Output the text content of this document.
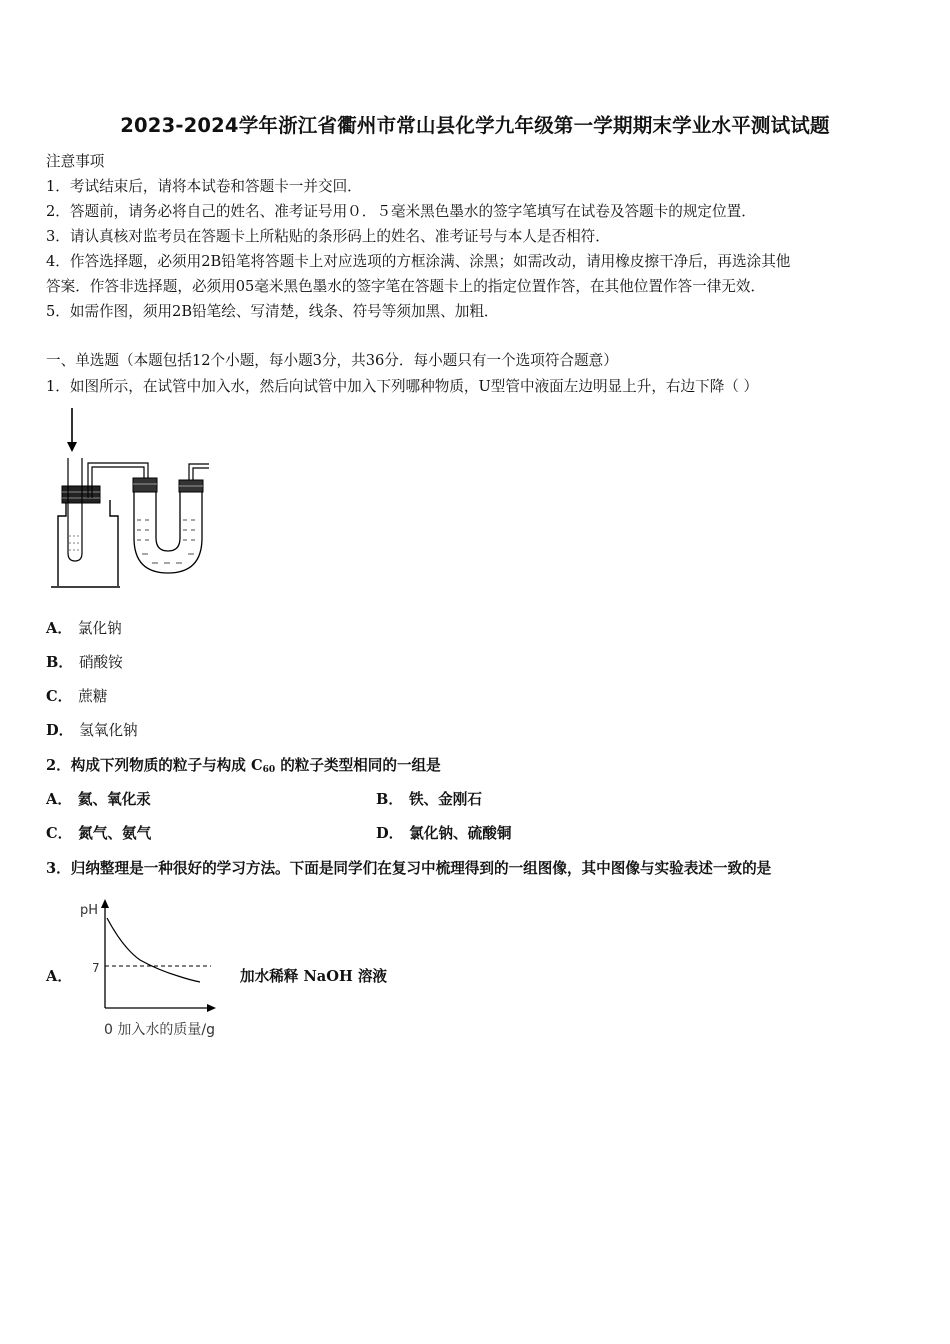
2023-2024学年浙江省衢州市常山县化学九年级第一学期期末学业水平测试试题
注意事项
1．考试结束后，请将本试卷和答题卡一并交回．
2．答题前，请务必将自己的姓名、准考证号用０．５毫米黑色墨水的签字笔填写在试卷及答题卡的规定位置．
3．请认真核对监考员在答题卡上所粘贴的条形码上的姓名、准考证号与本人是否相符．
4．作答选择题，必须用2B铅笔将答题卡上对应选项的方框涂满、涂黑；如需改动，请用橡皮擦干净后，再选涂其他
答案．作答非选择题，必须用05毫米黑色墨水的签字笔在答题卡上的指定位置作答，在其他位置作答一律无效．
5．如需作图，须用2B铅笔绘、写清楚，线条、符号等须加黑、加粗．
一、单选题（本题包括12个小题，每小题3分，共36分．每小题只有一个选项符合题意）
1．如图所示，在试管中加入水，然后向试管中加入下列哪种物质，U型管中液面左边明显上升，右边下降（ ）
A． 氯化钠
B． 硝酸铵
C． 蔗糖
D． 氢氧化钠
2．构成下列物质的粒子与构成 $C_{60}$ 的粒子类型相同的一组是
A． 氦、氧化汞	B． 铁、金刚石
C． 氮气、氨气	D． 氯化钠、硫酸铜
3．归纳整理是一种很好的学习方法。下面是同学们在复习中梳理得到的一组图像，其中图像与实验表述一致的是
A．
pH
7
0 加入水的质量/g
加水稀释 NaOH 溶液
